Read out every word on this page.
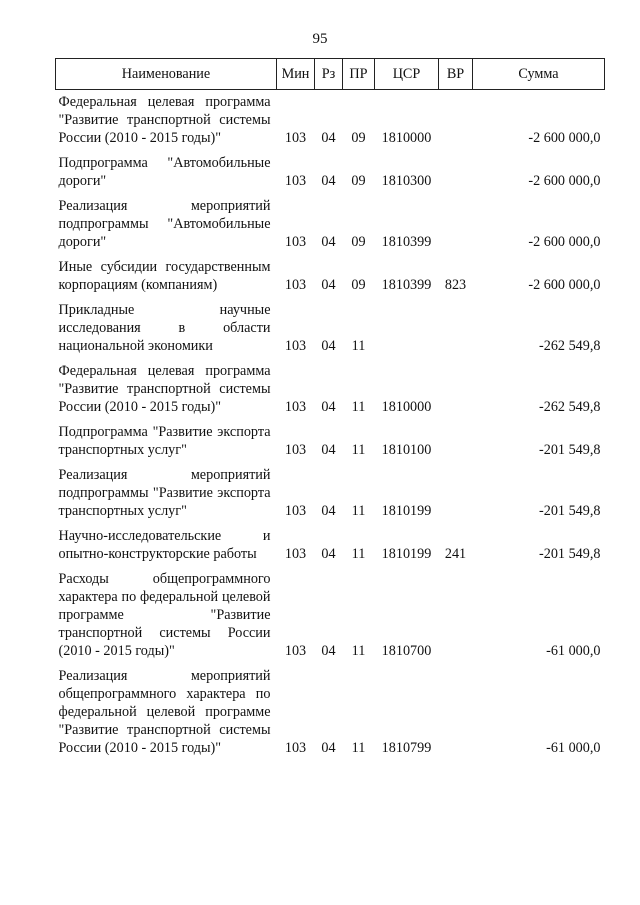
95
Наименование	Мин	Рз	ПР	ЦСР	ВР	Сумма
Федеральная целевая программа "Развитие транспортной системы России (2010 - 2015 годы)"	103	04	09	1810000		-2 600 000,0
Подпрограмма "Автомобильные дороги"	103	04	09	1810300		-2 600 000,0
Реализация мероприятий подпрограммы "Автомобильные дороги"	103	04	09	1810399		-2 600 000,0
Иные субсидии государственным корпорациям (компаниям)	103	04	09	1810399	823	-2 600 000,0
Прикладные научные исследования в области национальной экономики	103	04	11			-262 549,8
Федеральная целевая программа "Развитие транспортной системы России (2010 - 2015 годы)"	103	04	11	1810000		-262 549,8
Подпрограмма "Развитие экспорта транспортных услуг"	103	04	11	1810100		-201 549,8
Реализация мероприятий подпрограммы "Развитие экспорта транспортных услуг"	103	04	11	1810199		-201 549,8
Научно-исследовательские и опытно-конструкторские работы	103	04	11	1810199	241	-201 549,8
Расходы общепрограммного характера по федеральной целевой программе "Развитие транспортной системы России (2010 - 2015 годы)"	103	04	11	1810700		-61 000,0
Реализация мероприятий общепрограммного характера по федеральной целевой программе "Развитие транспортной системы России (2010 - 2015 годы)"	103	04	11	1810799		-61 000,0
